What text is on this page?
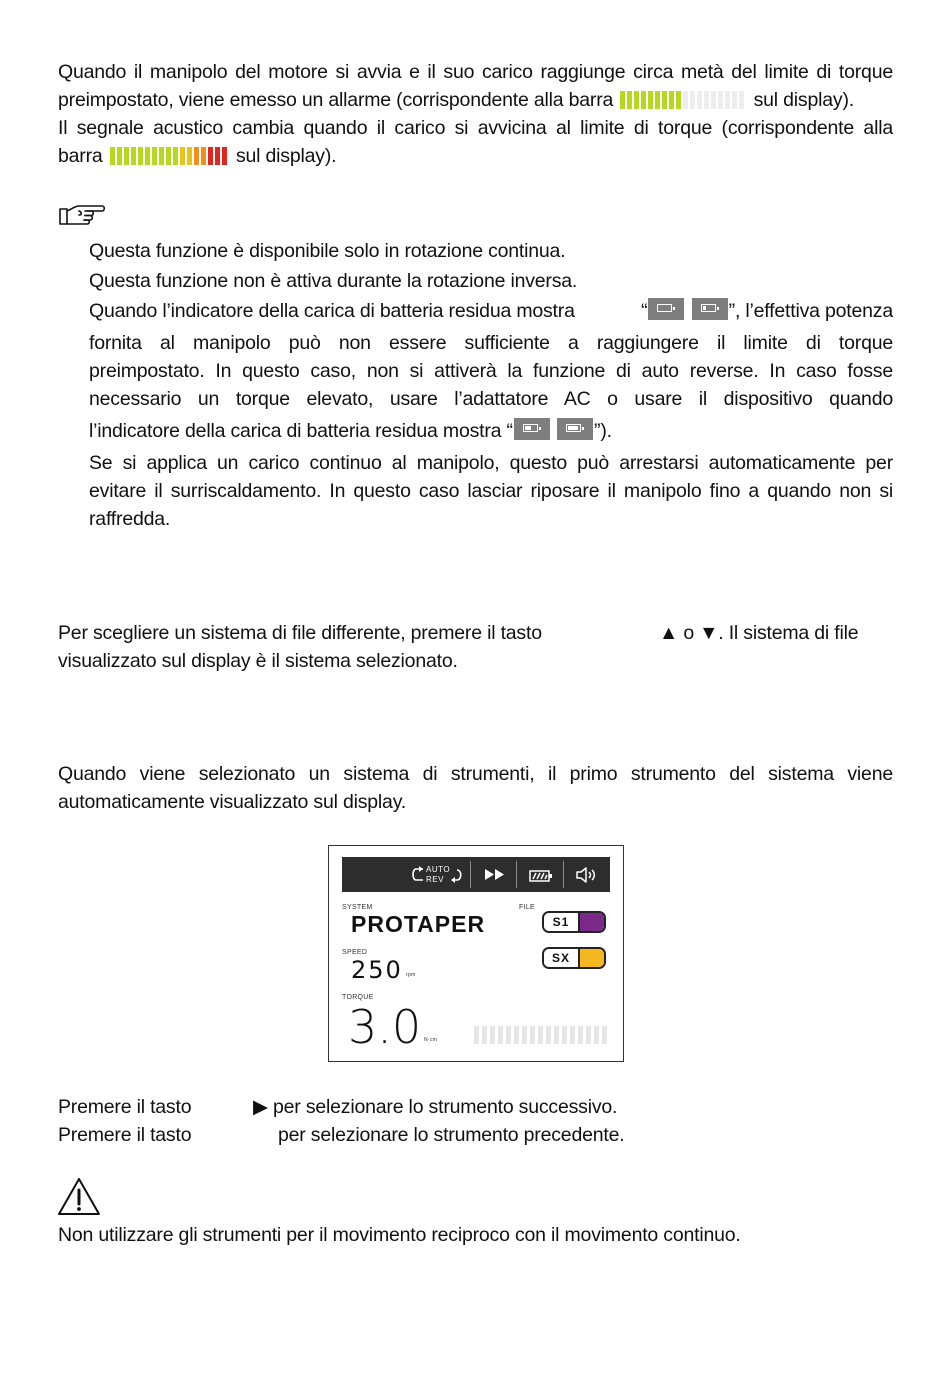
Quando il manipolo del motore si avvia e il suo carico raggiunge circa metà del limite di torque
preimpostato, viene emesso un allarme (corrispondente alla barra	sul display).
Il segnale acustico cambia quando il carico si avvicina al limite di torque (corrispondente alla
barra	sul display).
Questa funzione è disponibile solo in rotazione continua.
Questa funzione non è attiva durante la rotazione inversa.
Quando l’indicatore della carica di batteria residua mostra	“
	”, l’effettiva potenza
fornita al manipolo può non essere sufficiente a raggiungere il limite di torque
preimpostato. In questo caso, non si attiverà la funzione di auto reverse. In caso fosse
necessario un torque elevato, usare l’adattatore AC o usare il dispositivo quando
l’indicatore della carica di batteria residua mostra “
	”).
Se si applica un carico continuo al manipolo, questo può arrestarsi automaticamente per
evitare il surriscaldamento. In questo caso lasciar riposare il manipolo fino a quando non si
raffredda.
Per scegliere un sistema di file differente, premere il tasto	▲ o ▼. Il sistema di file
visualizzato sul display è il sistema selezionato.
Quando viene selezionato un sistema di strumenti, il primo strumento del sistema viene
automaticamente visualizzato sul display.
AUTO
REV
SYSTEM
PROTAPER
FILE
S1
SX
SPEED
250 rpm
TORQUE
3.0 N·cm
Premere il tasto	▶ per selezionare lo strumento successivo.
Premere il tasto	per selezionare lo strumento precedente.
Non utilizzare gli strumenti per il movimento reciproco con il movimento continuo.
